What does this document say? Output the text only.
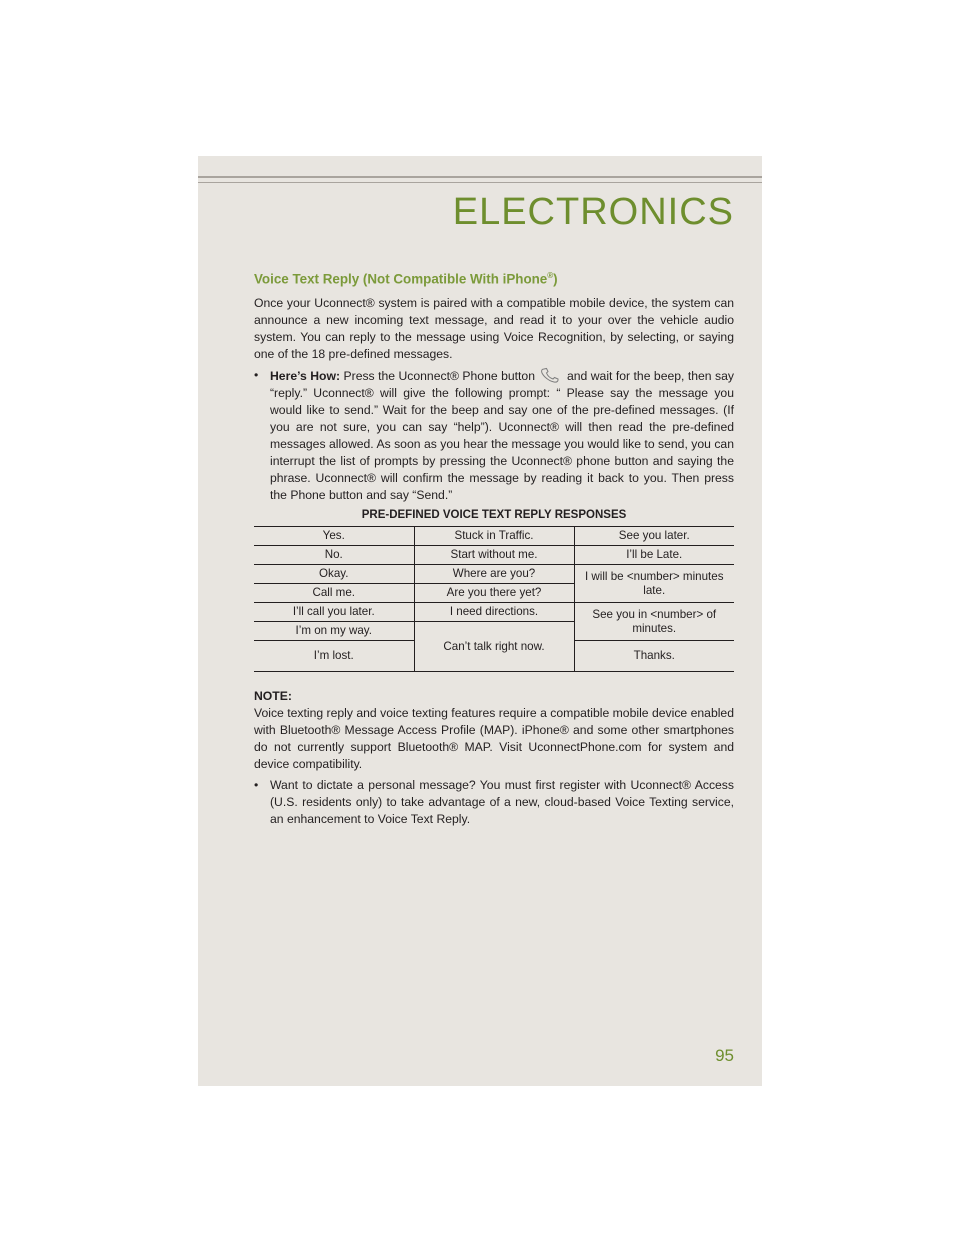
ELECTRONICS
Voice Text Reply (Not Compatible With iPhone®)

Once your Uconnect® system is paired with a compatible mobile device, the system can announce a new incoming text message, and read it to your over the vehicle audio system. You can reply to the message using Voice Recognition, by selecting, or saying one of the 18 pre-defined messages.

• Here’s How: Press the Uconnect® Phone button	and wait for the beep, then say “reply.” Uconnect® will give the following prompt: “ Please say the message you would like to send.” Wait for the beep and say one of the pre-defined messages. (If you are not sure, you can say “help”). Uconnect® will then read the pre-defined messages allowed. As soon as you hear the message you would like to send, you can interrupt the list of prompts by pressing the Uconnect® phone button and saying the phrase. Uconnect® will confirm the message by reading it back to you. Then press the Phone button and say “Send.”

PRE-DEFINED VOICE TEXT REPLY RESPONSES
Yes.	Stuck in Traffic.	See you later.
No.	Start without me.	I’ll be Late.
Okay.	Where are you?	I will be <number> minutes late.
Call me.	Are you there yet?	
I’ll call you later.	I need directions.	See you in <number> of minutes.
I’m on my way.	Can’t talk right now.	
I’m lost.		Thanks.

NOTE:

Voice texting reply and voice texting features require a compatible mobile device enabled with Bluetooth® Message Access Profile (MAP). iPhone® and some other smartphones do not currently support Bluetooth® MAP. Visit UconnectPhone.com for system and device compatibility.

• Want to dictate a personal message? You must first register with Uconnect® Access (U.S. residents only) to take advantage of a new, cloud-based Voice Texting service, an enhancement to Voice Text Reply.

95
